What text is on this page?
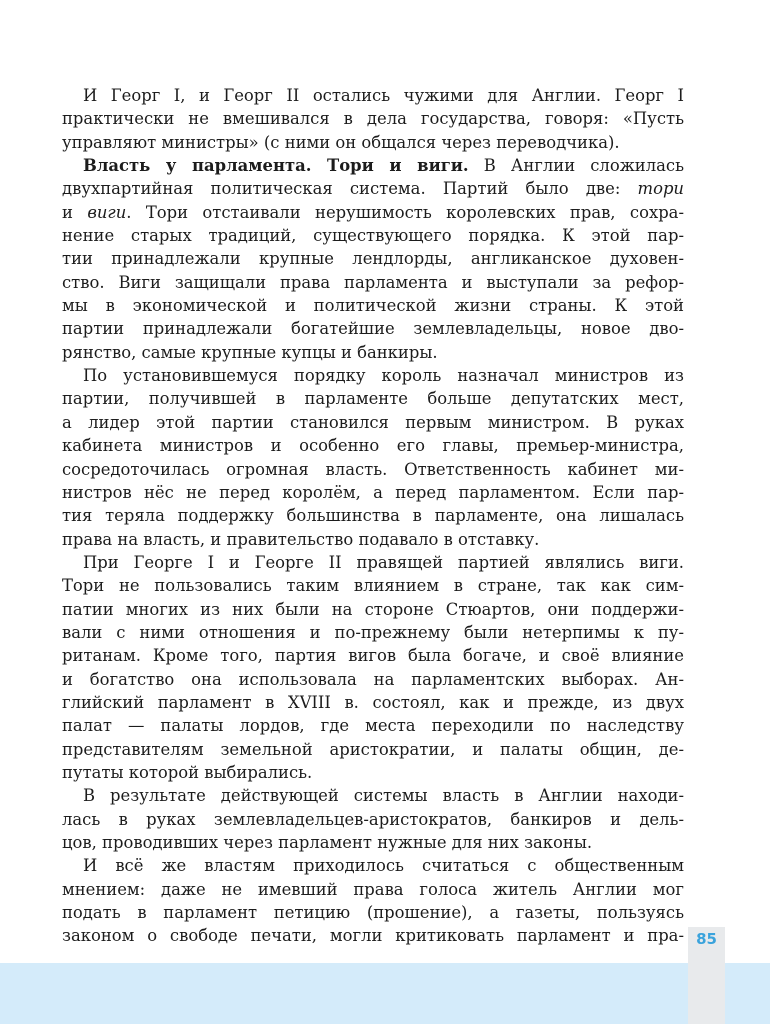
И Георг I, и Георг II остались чужими для Англии. Георг I
практически не вмешивался в дела государства, говоря: «Пусть
управляют министры» (с ними он общался через переводчика).
Власть у парламента. Тори и виги. В Англии сложилась
двухпартийная политическая система. Партий было две: тори
и виги. Тори отстаивали нерушимость королевских прав, сохра-
нение старых традиций, существующего порядка. К этой пар-
тии принадлежали крупные лендлорды, англиканское духовен-
ство. Виги защищали права парламента и выступали за рефор-
мы в экономической и политической жизни страны. К этой
партии принадлежали богатейшие землевладельцы, новое дво-
рянство, самые крупные купцы и банкиры.
По установившемуся порядку король назначал министров из
партии, получившей в парламенте больше депутатских мест,
а лидер этой партии становился первым министром. В руках
кабинета министров и особенно его главы, премьер-министра,
сосредоточилась огромная власть. Ответственность кабинет ми-
нистров нёс не перед королём, а перед парламентом. Если пар-
тия теряла поддержку большинства в парламенте, она лишалась
права на власть, и правительство подавало в отставку.
При Георге I и Георге II правящей партией являлись виги.
Тори не пользовались таким влиянием в стране, так как сим-
патии многих из них были на стороне Стюартов, они поддержи-
вали с ними отношения и по-прежнему были нетерпимы к пу-
ританам. Кроме того, партия вигов была богаче, и своё влияние
и богатство она использовала на парламентских выборах. Ан-
глийский парламент в XVIII в. состоял, как и прежде, из двух
палат — палаты лордов, где места переходили по наследству
представителям земельной аристократии, и палаты общин, де-
путаты которой выбирались.
В результате действующей системы власть в Англии находи-
лась в руках землевладельцев-аристократов, банкиров и дель-
цов, проводивших через парламент нужные для них законы.
И всё же властям приходилось считаться с общественным
мнением: даже не имевший права голоса житель Англии мог
подать в парламент петицию (прошение), а газеты, пользуясь
законом о свободе печати, могли критиковать парламент и пра- 85
